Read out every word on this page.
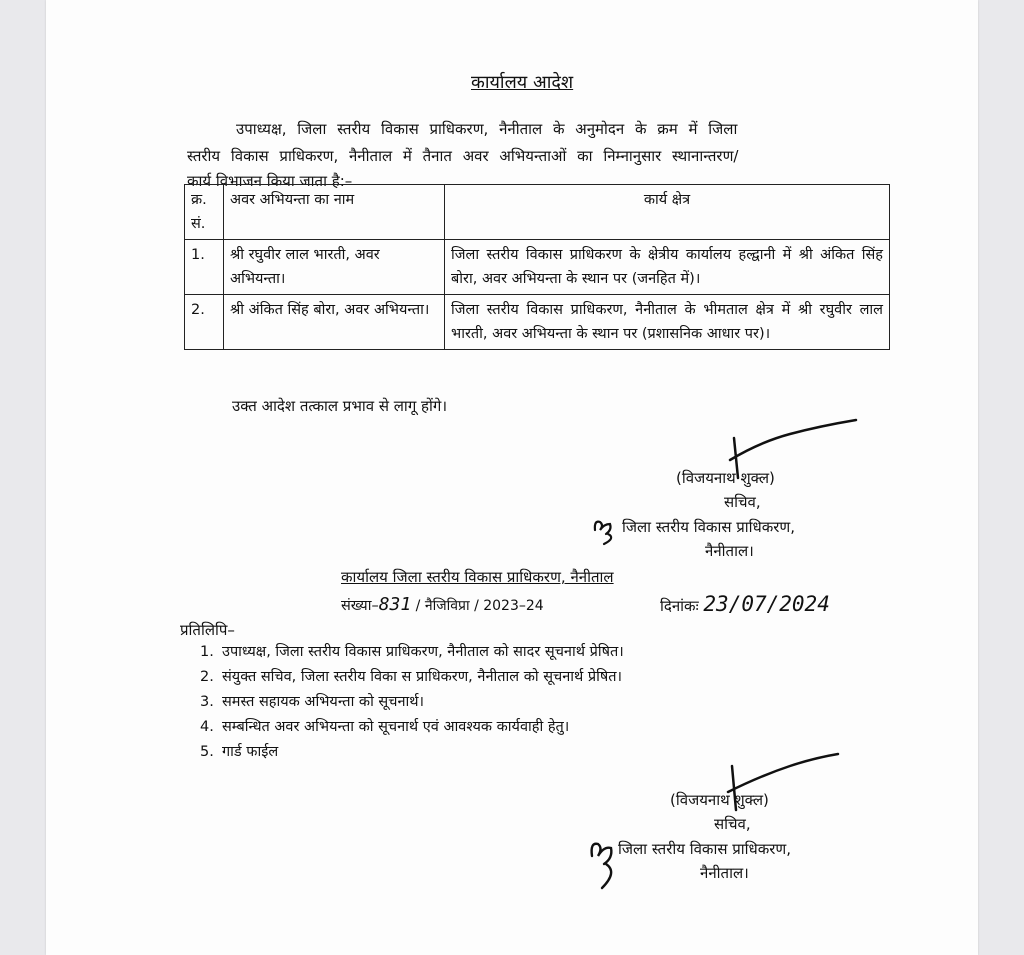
कार्यालय आदेश
उपाध्यक्ष, जिला स्तरीय विकास प्राधिकरण, नैनीताल के अनुमोदन के क्रम में जिला
स्तरीय विकास प्राधिकरण, नैनीताल में तैनात अवर अभियन्ताओं का निम्नानुसार स्थानान्तरण/
कार्य विभाजन किया जाता है:–
क्र. सं.	अवर अभियन्ता का नाम	कार्य क्षेत्र
1.	श्री रघुवीर लाल भारती, अवर अभियन्ता।	जिला स्तरीय विकास प्राधिकरण के क्षेत्रीय कार्यालय हल्द्वानी में श्री अंकित सिंह बोरा, अवर अभियन्ता के स्थान पर (जनहित में)।
2.	श्री अंकित सिंह बोरा, अवर अभियन्ता।	जिला स्तरीय विकास प्राधिकरण, नैनीताल के भीमताल क्षेत्र में श्री रघुवीर लाल भारती, अवर अभियन्ता के स्थान पर (प्रशासनिक आधार पर)।
उक्त आदेश तत्काल प्रभाव से लागू होंगे।
(विजयनाथ शुक्ल)
सचिव,
जिला स्तरीय विकास प्राधिकरण,
नैनीताल।
कार्यालय जिला स्तरीय विकास प्राधिकरण, नैनीताल
संख्या–831 / नैजिविप्रा / 2023–24	दिनांकः 23/07/2024
प्रतिलिपि–
1. उपाध्यक्ष, जिला स्तरीय विकास प्राधिकरण, नैनीताल को सादर सूचनार्थ प्रेषित।
2. संयुक्त सचिव, जिला स्तरीय विका स प्राधिकरण, नैनीताल को सूचनार्थ प्रेषित।
3. समस्त सहायक अभियन्ता को सूचनार्थ।
4. सम्बन्धित अवर अभियन्ता को सूचनार्थ एवं आवश्यक कार्यवाही हेतु।
5. गार्ड फाईल
(विजयनाथ शुक्ल)
सचिव,
जिला स्तरीय विकास प्राधिकरण,
नैनीताल।
